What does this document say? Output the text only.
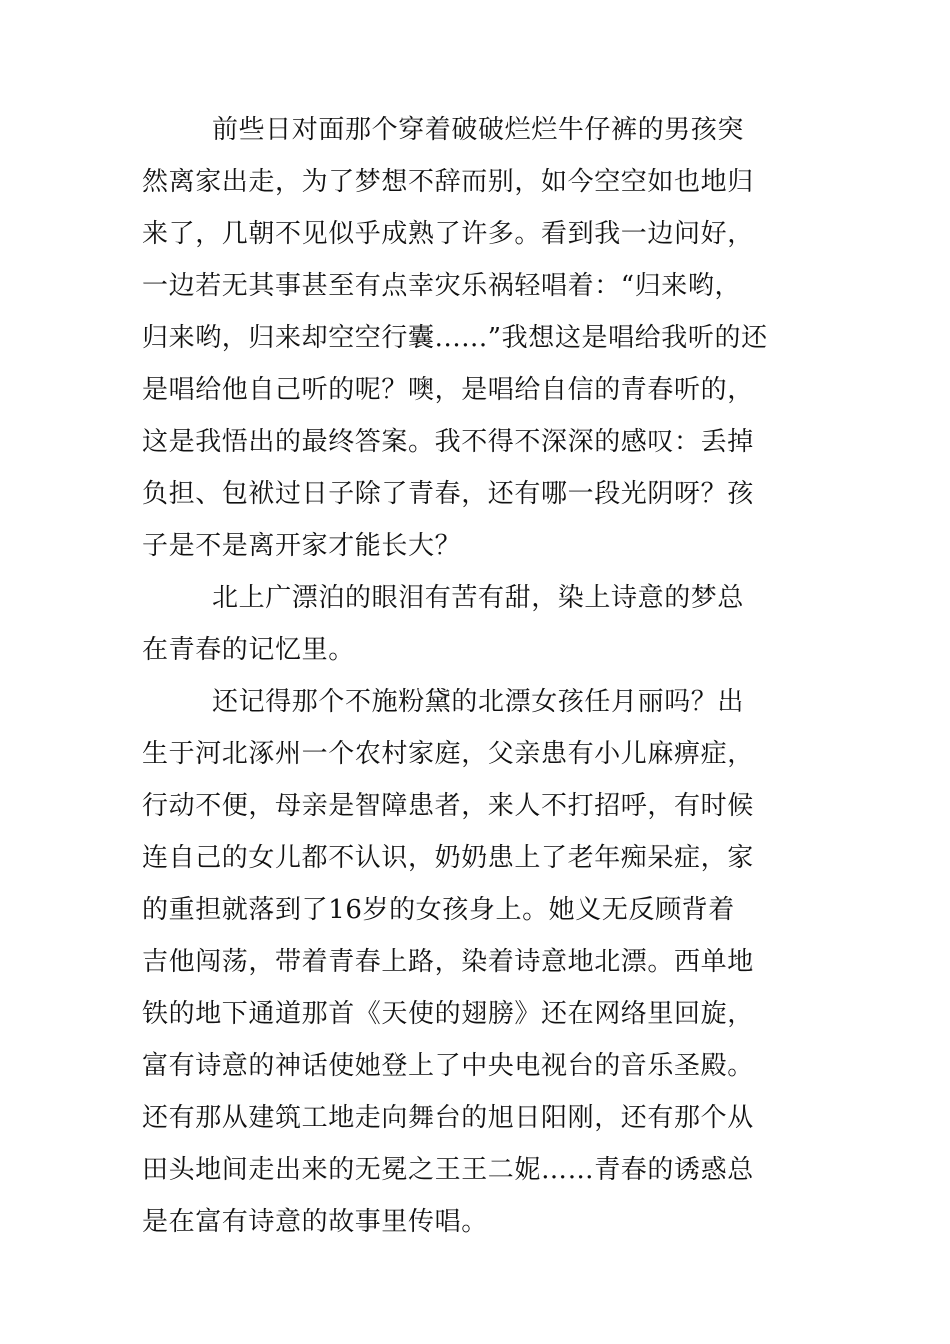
前些日对面那个穿着破破烂烂牛仔裤的男孩突
然离家出走，为了梦想不辞而别，如今空空如也地归
来了，几朝不见似乎成熟了许多。看到我一边问好，
一边若无其事甚至有点幸灾乐祸轻唱着：“归来哟，
归来哟，归来却空空行囊......”我想这是唱给我听的还
是唱给他自己听的呢？噢，是唱给自信的青春听的，
这是我悟出的最终答案。我不得不深深的感叹：丢掉
负担、包袱过日子除了青春，还有哪一段光阴呀？孩
子是不是离开家才能长大？
北上广漂泊的眼泪有苦有甜，染上诗意的梦总
在青春的记忆里。
还记得那个不施粉黛的北漂女孩任月丽吗？出
生于河北涿州一个农村家庭，父亲患有小儿麻痹症，
行动不便，母亲是智障患者，来人不打招呼，有时候
连自己的女儿都不认识，奶奶患上了老年痴呆症，家
的重担就落到了16岁的女孩身上。她义无反顾背着
吉他闯荡，带着青春上路，染着诗意地北漂。西单地
铁的地下通道那首《天使的翅膀》还在网络里回旋，
富有诗意的神话使她登上了中央电视台的音乐圣殿。
还有那从建筑工地走向舞台的旭日阳刚，还有那个从
田头地间走出来的无冕之王王二妮……青春的诱惑总
是在富有诗意的故事里传唱。
